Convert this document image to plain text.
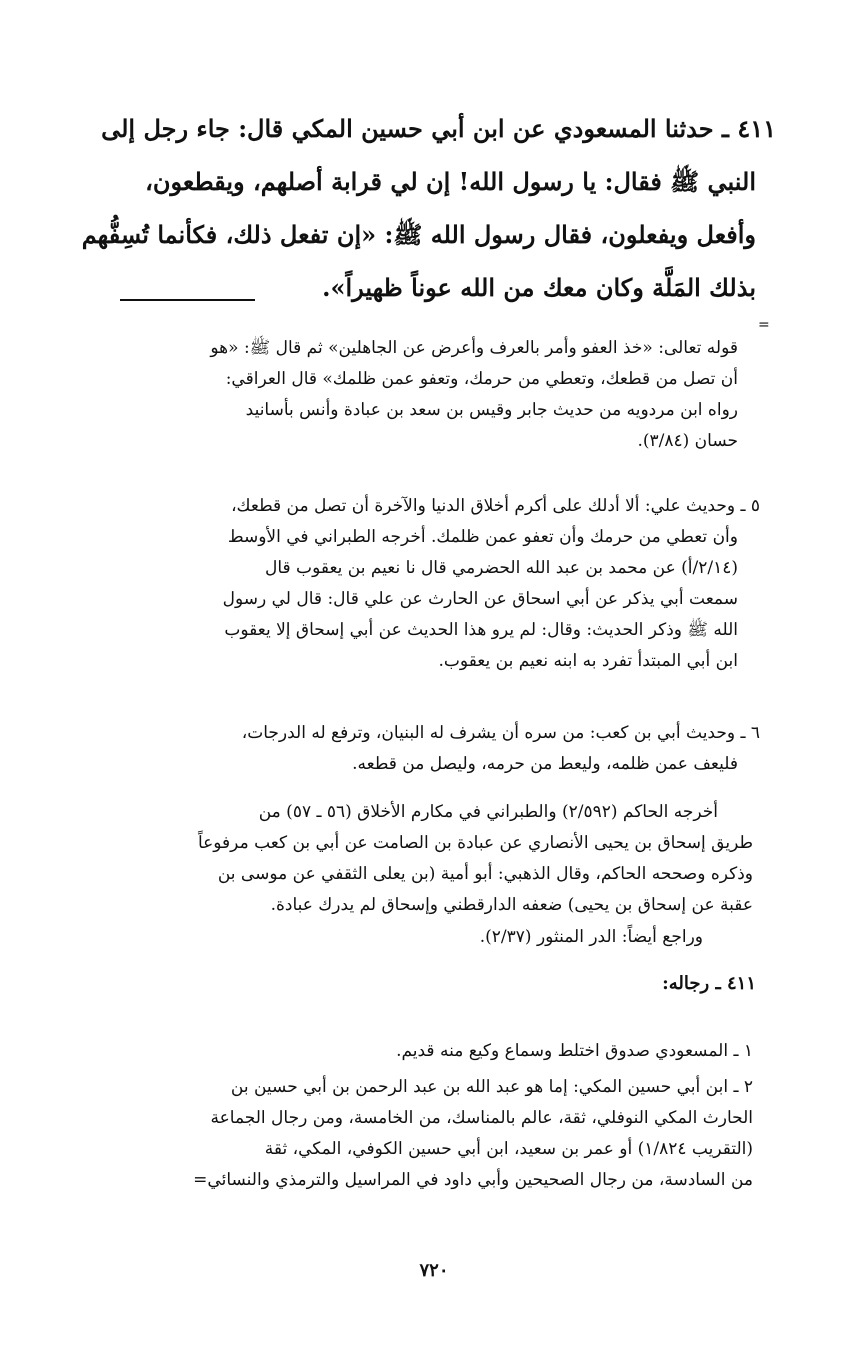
٤١١ ـ حدثنا المسعودي عن ابن أبي حسين المكي قال: جاء رجل إلى
النبي ﷺ فقال: يا رسول الله! إن لي قرابة أصلهم، ويقطعون،
وأفعل ويفعلون، فقال رسول الله ﷺ: «إن تفعل ذلك، فكأنما تُسِفُّهم
بذلك المَلَّة وكان معك من الله عوناً ظهيراً».
=
قوله تعالى: «خذ العفو وأمر بالعرف وأعرض عن الجاهلين» ثم قال ﷺ: «هو
أن تصل من قطعك، وتعطي من حرمك، وتعفو عمن ظلمك» قال العراقي:
رواه ابن مردويه من حديث جابر وقيس بن سعد بن عبادة وأنس بأسانيد
حسان (٣/٨٤).
٥ ـ وحديث علي: ألا أدلك على أكرم أخلاق الدنيا والآخرة أن تصل من قطعك،
وأن تعطي من حرمك وأن تعفو عمن ظلمك. أخرجه الطبراني في الأوسط
(٢/١٤/أ) عن محمد بن عبد الله الحضرمي قال نا نعيم بن يعقوب قال
سمعت أبي يذكر عن أبي اسحاق عن الحارث عن علي قال: قال لي رسول
الله ﷺ وذكر الحديث: وقال: لم يرو هذا الحديث عن أبي إسحاق إلا يعقوب
ابن أبي المبتدأ تفرد به ابنه نعيم بن يعقوب.
٦ ـ وحديث أبي بن كعب: من سره أن يشرف له البنيان، وترفع له الدرجات،
فليعف عمن ظلمه، وليعط من حرمه، وليصل من قطعه.
أخرجه الحاكم (٢/٥٩٢) والطبراني في مكارم الأخلاق (٥٦ ـ ٥٧) من
طريق إسحاق بن يحيى الأنصاري عن عبادة بن الصامت عن أبي بن كعب مرفوعاً
وذكره وصححه الحاكم، وقال الذهبي: أبو أمية (بن يعلى الثقفي عن موسى بن
عقبة عن إسحاق بن يحيى) ضعفه الدارقطني وإسحاق لم يدرك عبادة.
وراجع أيضاً: الدر المنثور (٢/٣٧).
٤١١ ـ رجاله:
١ ـ المسعودي صدوق اختلط وسماع وكيع منه قديم.
٢ ـ ابن أبي حسين المكي: إما هو عبد الله بن عبد الرحمن بن أبي حسين بن
الحارث المكي النوفلي، ثقة، عالم بالمناسك، من الخامسة، ومن رجال الجماعة
(التقريب ١/٨٢٤) أو عمر بن سعيد، ابن أبي حسين الكوفي، المكي، ثقة
من السادسة، من رجال الصحيحين وأبي داود في المراسيل والترمذي والنسائي=
٧٢٠
